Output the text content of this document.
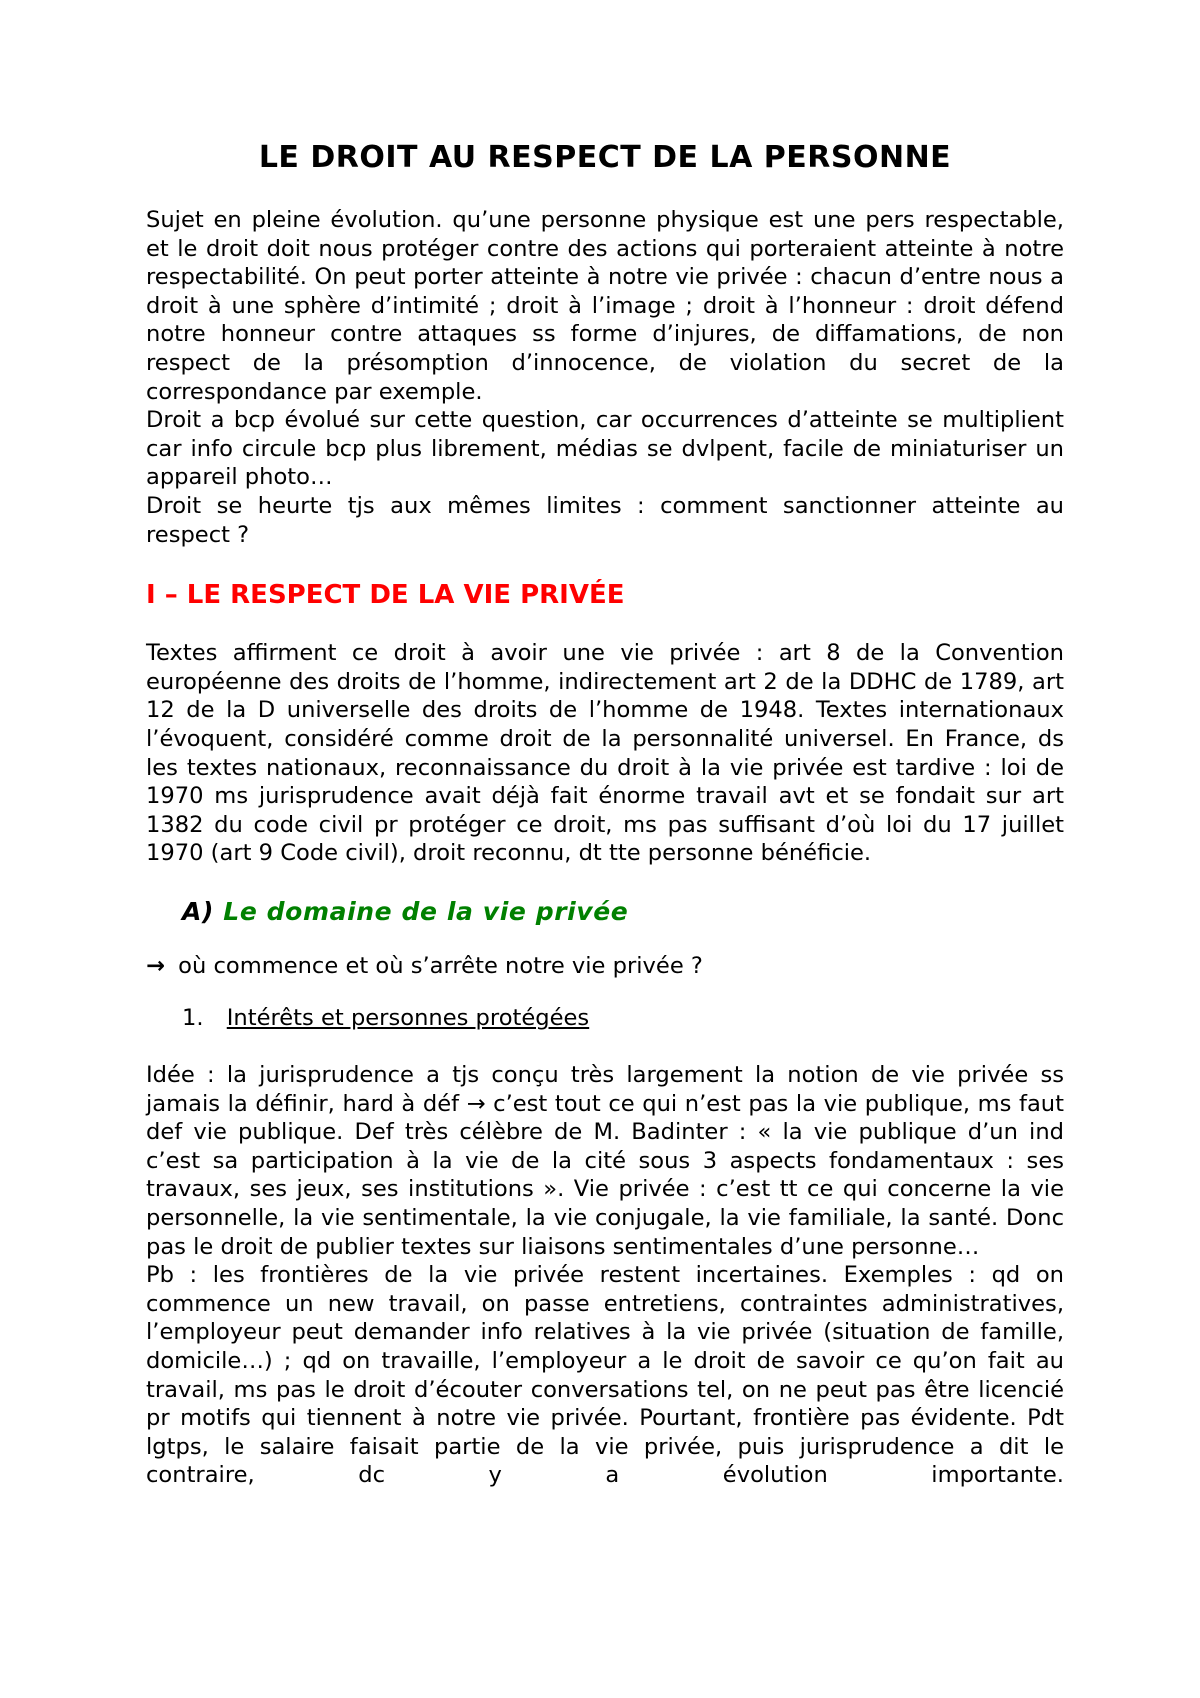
LE DROIT AU RESPECT DE LA PERSONNE

Sujet en pleine évolution. qu’une personne physique est une pers respectable, et le droit doit nous protéger contre des actions qui porteraient atteinte à notre respectabilité. On peut porter atteinte à notre vie privée : chacun d’entre nous a droit à une sphère d’intimité ; droit à l’image ; droit à l’honneur : droit défend notre honneur contre attaques ss forme d’injures, de diffamations, de non respect de la présomption d’innocence, de violation du secret de la correspondance par exemple.

Droit a bcp évolué sur cette question, car occurrences d’atteinte se multiplient car info circule bcp plus librement, médias se dvlpent, facile de miniaturiser un appareil photo…

Droit se heurte tjs aux mêmes limites : comment sanctionner atteinte au respect ?

I – LE RESPECT DE LA VIE PRIVÉE

Textes affirment ce droit à avoir une vie privée : art 8 de la Convention européenne des droits de l’homme, indirectement art 2 de la DDHC de 1789, art 12 de la D universelle des droits de l’homme de 1948. Textes internationaux l’évoquent, considéré comme droit de la personnalité universel. En France, ds les textes nationaux, reconnaissance du droit à la vie privée est tardive : loi de 1970 ms jurisprudence avait déjà fait énorme travail avt et se fondait sur art 1382 du code civil pr protéger ce droit, ms pas suffisant d’où loi du 17 juillet 1970 (art 9 Code civil), droit reconnu, dt tte personne bénéficie.

A) Le domaine de la vie privée

→ où commence et où s’arrête notre vie privée ?

1. Intérêts et personnes protégées

Idée : la jurisprudence a tjs conçu très largement la notion de vie privée ss jamais la définir, hard à déf → c’est tout ce qui n’est pas la vie publique, ms faut def vie publique. Def très célèbre de M. Badinter : « la vie publique d’un ind c’est sa participation à la vie de la cité sous 3 aspects fondamentaux : ses travaux, ses jeux, ses institutions ». Vie privée : c’est tt ce qui concerne la vie personnelle, la vie sentimentale, la vie conjugale, la vie familiale, la santé. Donc pas le droit de publier textes sur liaisons sentimentales d’une personne…

Pb : les frontières de la vie privée restent incertaines. Exemples : qd on commence un new travail, on passe entretiens, contraintes administratives, l’employeur peut demander info relatives à la vie privée (situation de famille, domicile…) ; qd on travaille, l’employeur a le droit de savoir ce qu’on fait au travail, ms pas le droit d’écouter conversations tel, on ne peut pas être licencié pr motifs qui tiennent à notre vie privée. Pourtant, frontière pas évidente. Pdt lgtps, le salaire faisait partie de la vie privée, puis jurisprudence a dit le contraire, dc y a évolution importante.
